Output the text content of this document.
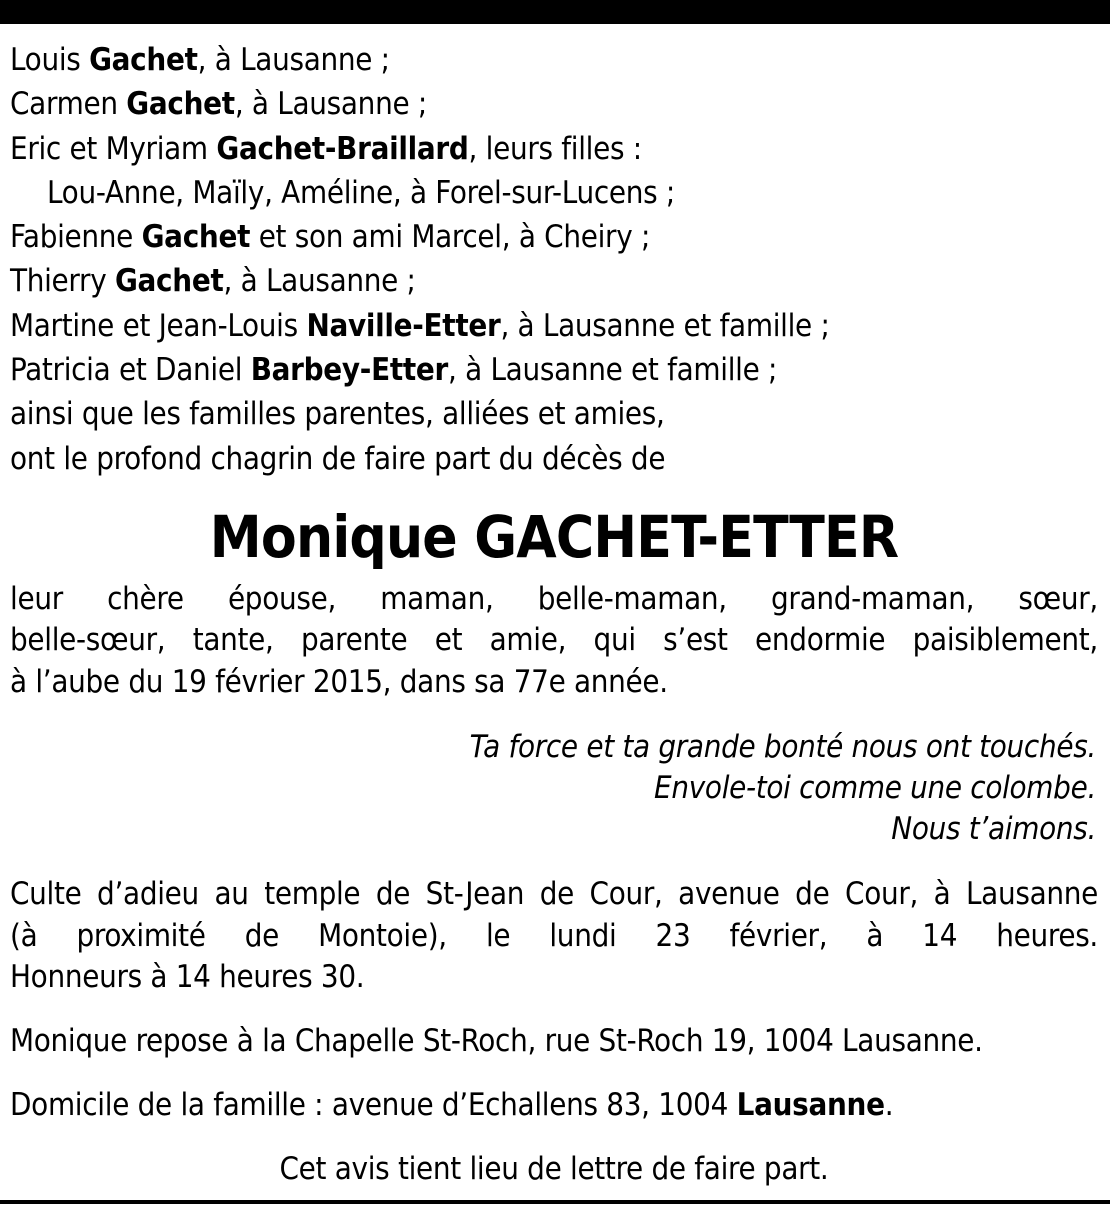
Louis Gachet, à Lausanne ;
Carmen Gachet, à Lausanne ;
Eric et Myriam Gachet-Braillard, leurs filles :
Lou-Anne, Maïly, Améline, à Forel-sur-Lucens ;
Fabienne Gachet et son ami Marcel, à Cheiry ;
Thierry Gachet, à Lausanne ;
Martine et Jean-Louis Naville-Etter, à Lausanne et famille ;
Patricia et Daniel Barbey-Etter, à Lausanne et famille ;
ainsi que les familles parentes, alliées et amies,
ont le profond chagrin de faire part du décès de
Monique GACHET-ETTER
leur chère épouse, maman, belle-maman, grand-maman, sœur,
belle-sœur, tante, parente et amie, qui s’est endormie paisiblement,
à l’aube du 19 février 2015, dans sa 77e année.
Ta force et ta grande bonté nous ont touchés.
Envole-toi comme une colombe.
Nous t’aimons.
Culte d’adieu au temple de St-Jean de Cour, avenue de Cour, à Lausanne
(à proximité de Montoie), le lundi 23 février, à 14 heures.
Honneurs à 14 heures 30.
Monique repose à la Chapelle St-Roch, rue St-Roch 19, 1004 Lausanne.
Domicile de la famille : avenue d’Echallens 83, 1004 Lausanne.
Cet avis tient lieu de lettre de faire part.
